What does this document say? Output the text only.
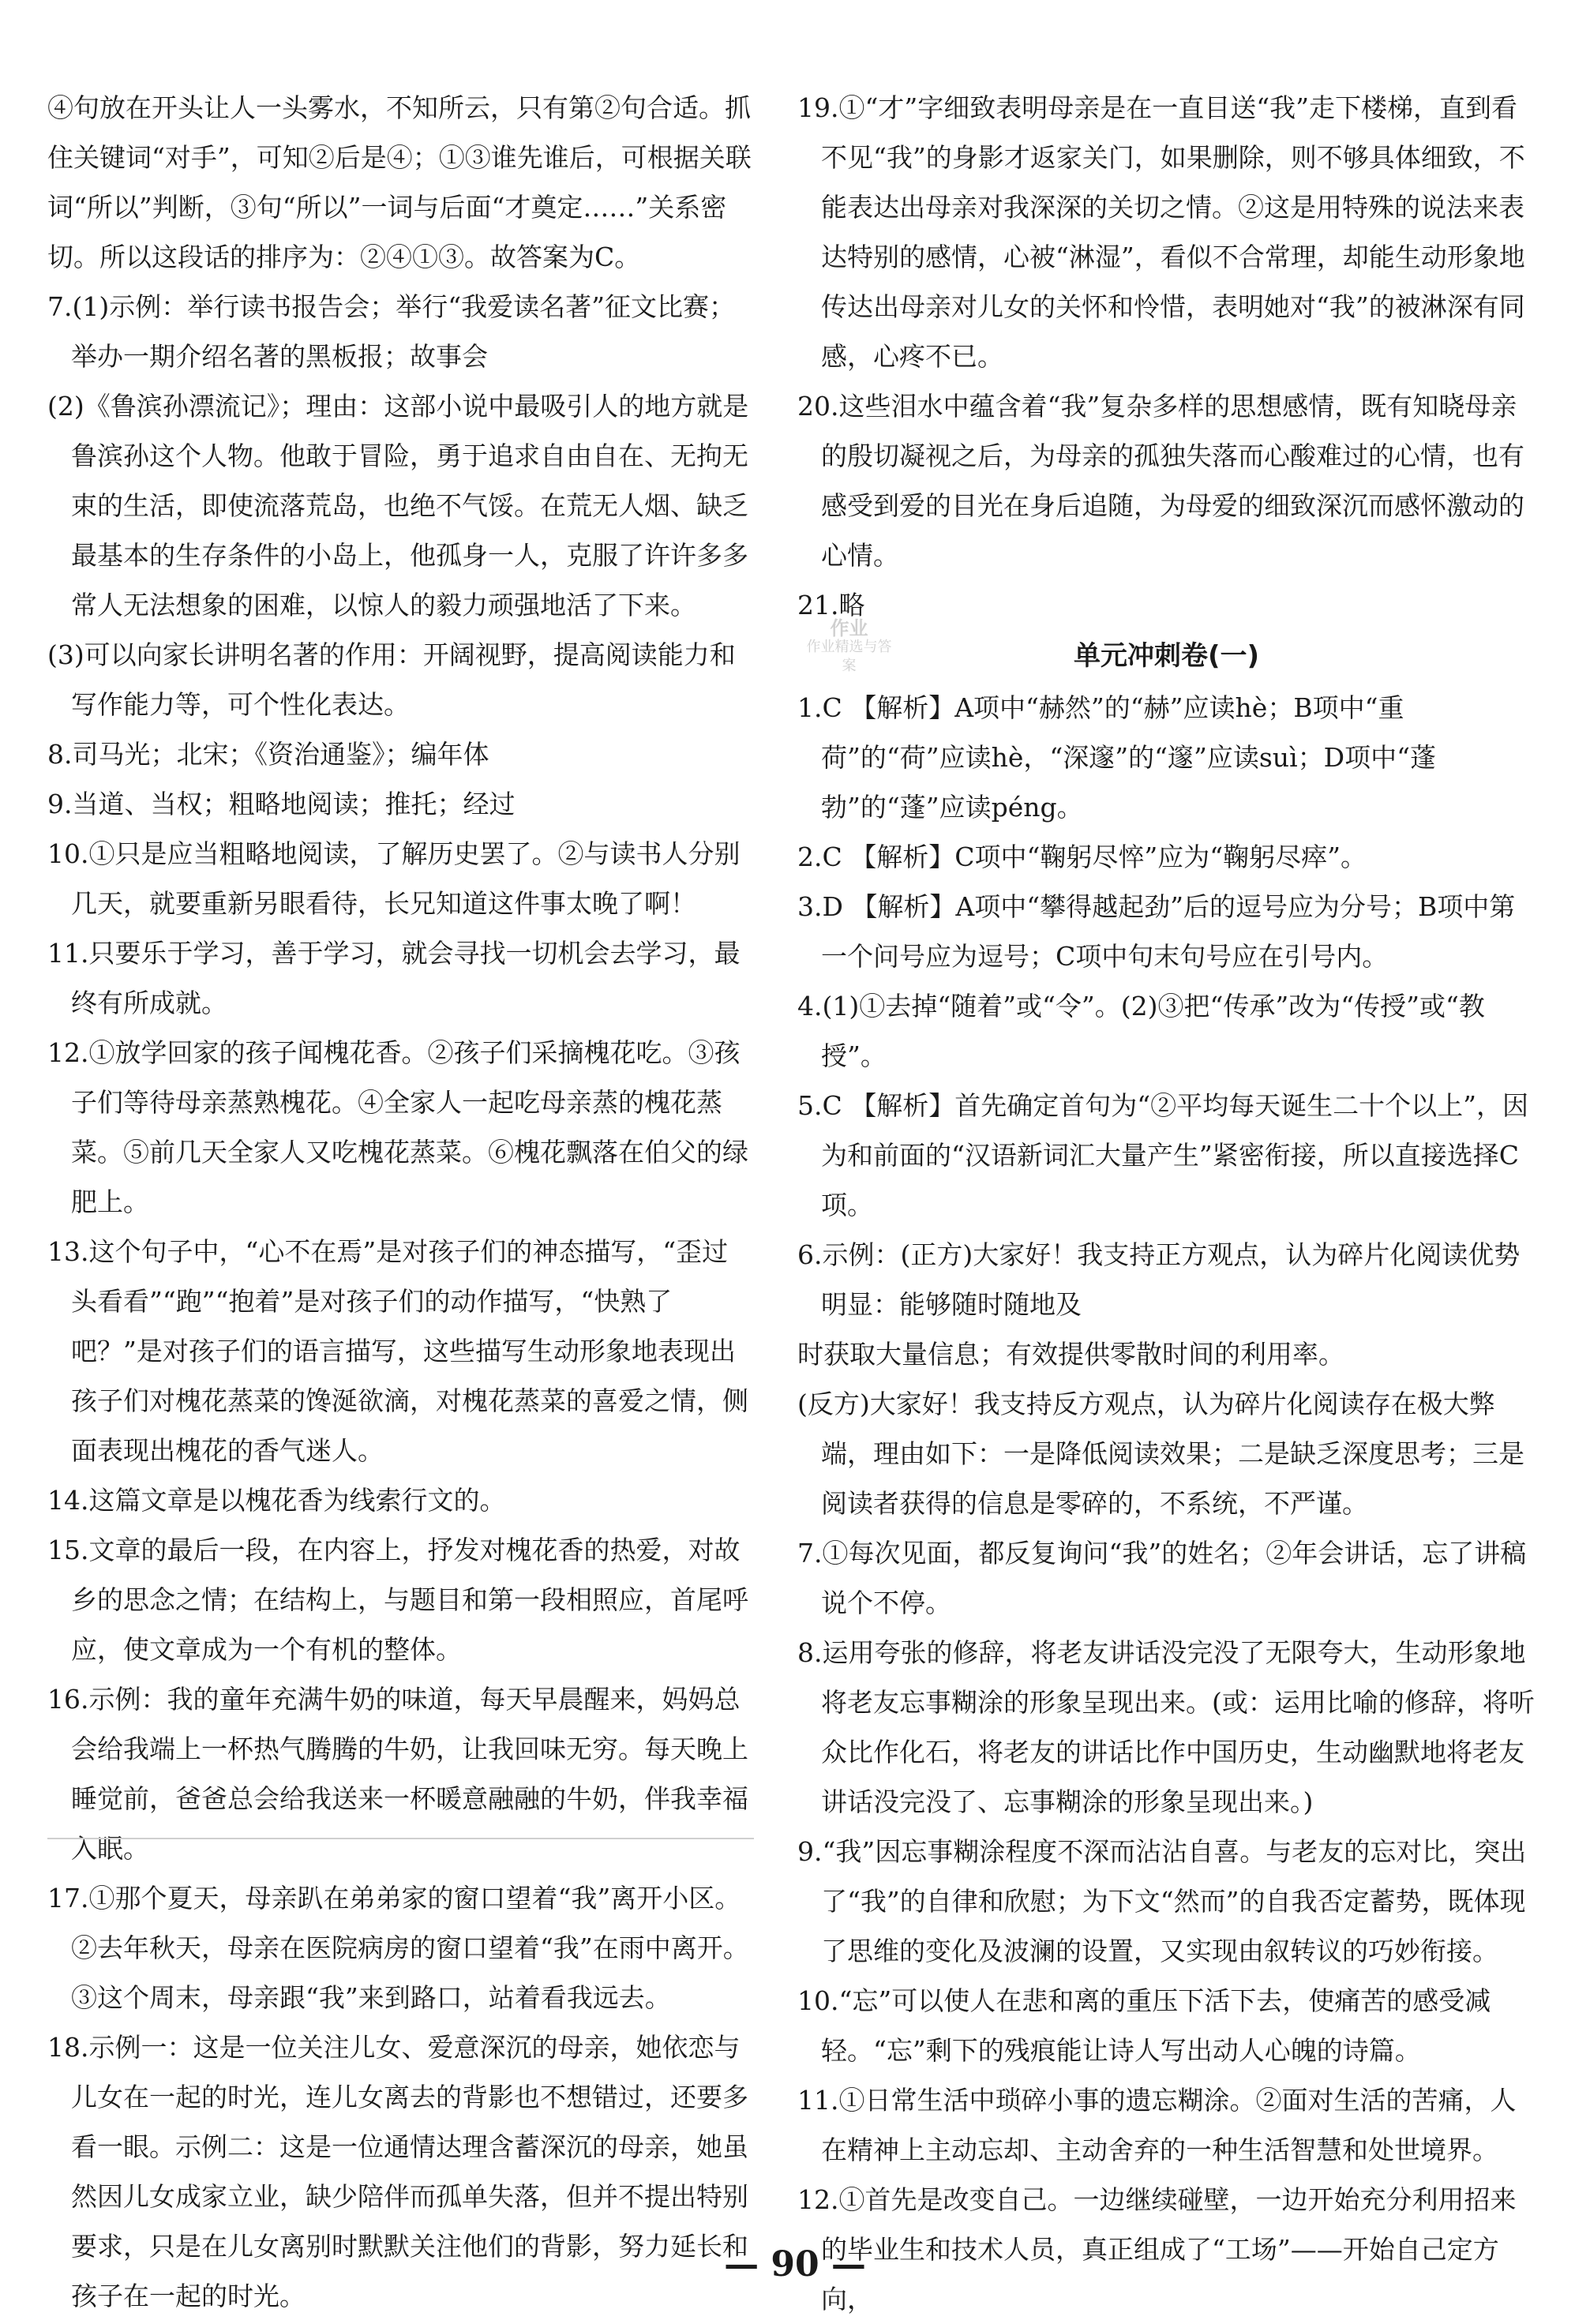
④句放在开头让人一头雾水，不知所云，只有第②句合适。抓住关键词“对手”，可知②后是④；①③谁先谁后，可根据关联词“所以”判断，③句“所以”一词与后面“才奠定……”关系密切。所以这段话的排序为：②④①③。故答案为C。

7.(1)示例：举行读书报告会；举行“我爱读名著”征文比赛；举办一期介绍名著的黑板报；故事会

(2)《鲁滨孙漂流记》；理由：这部小说中最吸引人的地方就是鲁滨孙这个人物。他敢于冒险，勇于追求自由自在、无拘无束的生活，即使流落荒岛，也绝不气馁。在荒无人烟、缺乏最基本的生存条件的小岛上，他孤身一人，克服了许许多多常人无法想象的困难，以惊人的毅力顽强地活了下来。

(3)可以向家长讲明名著的作用：开阔视野，提高阅读能力和写作能力等，可个性化表达。

8.司马光；北宋；《资治通鉴》；编年体

9.当道、当权；粗略地阅读；推托；经过

10.①只是应当粗略地阅读，了解历史罢了。②与读书人分别几天，就要重新另眼看待，长兄知道这件事太晚了啊！

11.只要乐于学习，善于学习，就会寻找一切机会去学习，最终有所成就。

12.①放学回家的孩子闻槐花香。②孩子们采摘槐花吃。③孩子们等待母亲蒸熟槐花。④全家人一起吃母亲蒸的槐花蒸菜。⑤前几天全家人又吃槐花蒸菜。⑥槐花飘落在伯父的绿肥上。

13.这个句子中，“心不在焉”是对孩子们的神态描写，“歪过头看看”“跑”“抱着”是对孩子们的动作描写，“快熟了吧？”是对孩子们的语言描写，这些描写生动形象地表现出孩子们对槐花蒸菜的馋涎欲滴，对槐花蒸菜的喜爱之情，侧面表现出槐花的香气迷人。

14.这篇文章是以槐花香为线索行文的。

15.文章的最后一段，在内容上，抒发对槐花香的热爱，对故乡的思念之情；在结构上，与题目和第一段相照应，首尾呼应，使文章成为一个有机的整体。

16.示例：我的童年充满牛奶的味道，每天早晨醒来，妈妈总会给我端上一杯热气腾腾的牛奶，让我回味无穷。每天晚上睡觉前，爸爸总会给我送来一杯暖意融融的牛奶，伴我幸福入眠。

17.①那个夏天，母亲趴在弟弟家的窗口望着“我”离开小区。②去年秋天，母亲在医院病房的窗口望着“我”在雨中离开。③这个周末，母亲跟“我”来到路口，站着看我远去。

18.示例一：这是一位关注儿女、爱意深沉的母亲，她依恋与儿女在一起的时光，连儿女离去的背影也不想错过，还要多看一眼。示例二：这是一位通情达理含蓄深沉的母亲，她虽然因儿女成家立业，缺少陪伴而孤单失落，但并不提出特别要求，只是在儿女离别时默默关注他们的背影，努力延长和孩子在一起的时光。

19.①“才”字细致表明母亲是在一直目送“我”走下楼梯，直到看不见“我”的身影才返家关门，如果删除，则不够具体细致，不能表达出母亲对我深深的关切之情。②这是用特殊的说法来表达特别的感情，心被“淋湿”，看似不合常理，却能生动形象地传达出母亲对儿女的关怀和怜惜，表明她对“我”的被淋深有同感，心疼不已。

20.这些泪水中蕴含着“我”复杂多样的思想感情，既有知晓母亲的殷切凝视之后，为母亲的孤独失落而心酸难过的心情，也有感受到爱的目光在身后追随，为母爱的细致深沉而感怀激动的心情。

21.略

单元冲刺卷(一)

1.C 【解析】A项中“赫然”的“赫”应读hè；B项中“重荷”的“荷”应读hè，“深邃”的“邃”应读suì；D项中“蓬勃”的“蓬”应读péng。

2.C 【解析】C项中“鞠躬尽悴”应为“鞠躬尽瘁”。

3.D 【解析】A项中“攀得越起劲”后的逗号应为分号；B项中第一个问号应为逗号；C项中句末句号应在引号内。

4.(1)①去掉“随着”或“令”。(2)③把“传承”改为“传授”或“教授”。

5.C 【解析】首先确定首句为“②平均每天诞生二十个以上”，因为和前面的“汉语新词汇大量产生”紧密衔接，所以直接选择C项。

6.示例：(正方)大家好！我支持正方观点，认为碎片化阅读优势明显：能够随时随地及

时获取大量信息；有效提供零散时间的利用率。

(反方)大家好！我支持反方观点，认为碎片化阅读存在极大弊端，理由如下：一是降低阅读效果；二是缺乏深度思考；三是阅读者获得的信息是零碎的，不系统，不严谨。

7.①每次见面，都反复询问“我”的姓名；②年会讲话，忘了讲稿说个不停。

8.运用夸张的修辞，将老友讲话没完没了无限夸大，生动形象地将老友忘事糊涂的形象呈现出来。(或：运用比喻的修辞，将听众比作化石，将老友的讲话比作中国历史，生动幽默地将老友讲话没完没了、忘事糊涂的形象呈现出来。)

9.“我”因忘事糊涂程度不深而沾沾自喜。与老友的忘对比，突出了“我”的自律和欣慰；为下文“然而”的自我否定蓄势，既体现了思维的变化及波澜的设置，又实现由叙转议的巧妙衔接。

10.“忘”可以使人在悲和离的重压下活下去，使痛苦的感受减轻。“忘”剩下的残痕能让诗人写出动人心魄的诗篇。

11.①日常生活中琐碎小事的遗忘糊涂。②面对生活的苦痛，人在精神上主动忘却、主动舍弃的一种生活智慧和处世境界。

12.①首先是改变自己。一边继续碰壁，一边开始充分利用招来的毕业生和技术人员，真正组成了“工场”——开始自己定方向，

作业
作业精选与答案
— 90 —
